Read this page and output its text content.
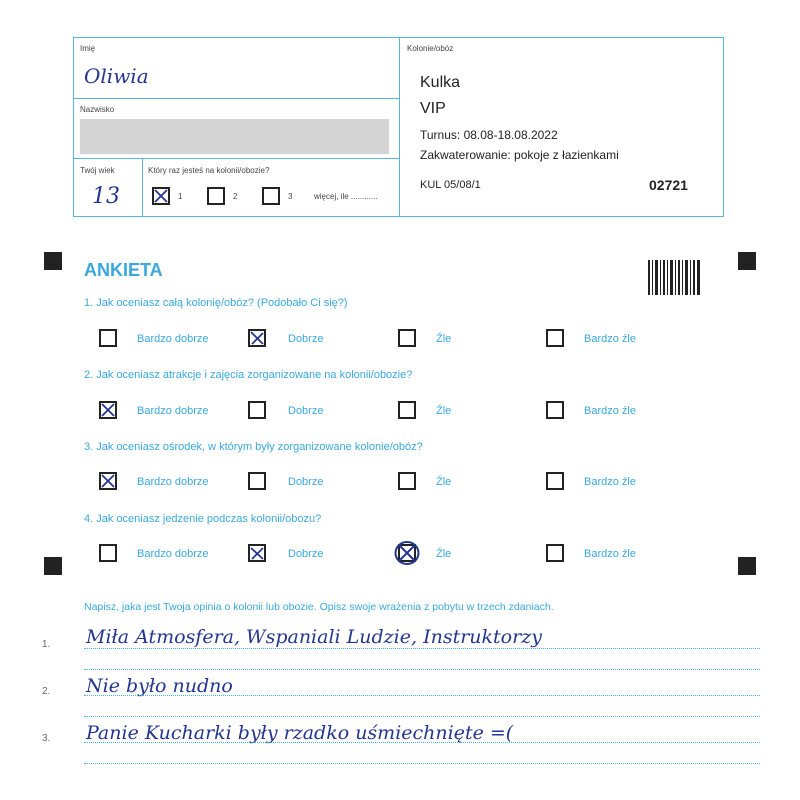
Imię
Oliwia
Nazwisko
Twój wiek
13
Który raz jesteś na kolonii/obozie?
1	2	3	więcej, ile ............
Kolonie/obóz
Kulka
VIP
Turnus: 08.08-18.08.2022
Zakwaterowanie: pokoje z łazienkami
KUL 05/08/1	02721
ANKIETA
1. Jak oceniasz całą kolonię/obóz? (Podobało Ci się?)
Bardzo dobrze	Dobrze	Źle	Bardzo źle
2. Jak oceniasz atrakcje i zajęcia zorganizowane na kolonii/obozie?
Bardzo dobrze	Dobrze	Źle	Bardzo źle
3. Jak oceniasz ośrodek, w którym były zorganizowane kolonie/obóz?
Bardzo dobrze	Dobrze	Źle	Bardzo źle
4. Jak oceniasz jedzenie podczas kolonii/obozu?
Bardzo dobrze	Dobrze	Źle	Bardzo źle
Napisz, jaka jest Twoja opinia o kolonii lub obozie. Opisz swoje wrażenia z pobytu w trzech zdaniach.
1. Miła Atmosfera, Wspaniali Ludzie, Instruktorzy
2. Nie było nudno
3. Panie Kucharki były rzadko uśmiechnięte =(
